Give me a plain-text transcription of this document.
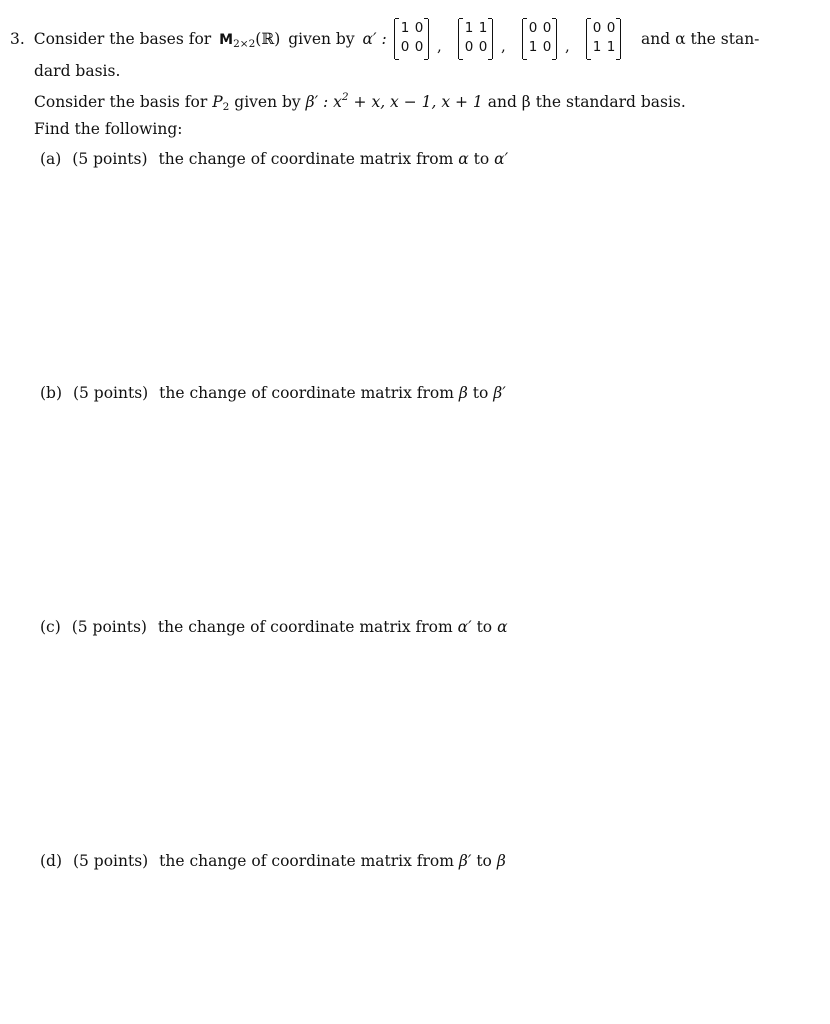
3. Consider the bases for $M_{2\times 2}(ℝ)$ given by α′ :
1 0
0 0 ,
1 1
0 0 ,
0 0
1 0 ,
0 0
1 1 and α the stan-
dard basis.
Consider the basis for $P_2$ given by β′ : $x^2 + x$, x − 1, x + 1 and β the standard basis.
Find the following:
(a) (5 points) the change of coordinate matrix from α to α′
(b) (5 points) the change of coordinate matrix from β to β′
(c) (5 points) the change of coordinate matrix from α′ to α
(d) (5 points) the change of coordinate matrix from β′ to β
